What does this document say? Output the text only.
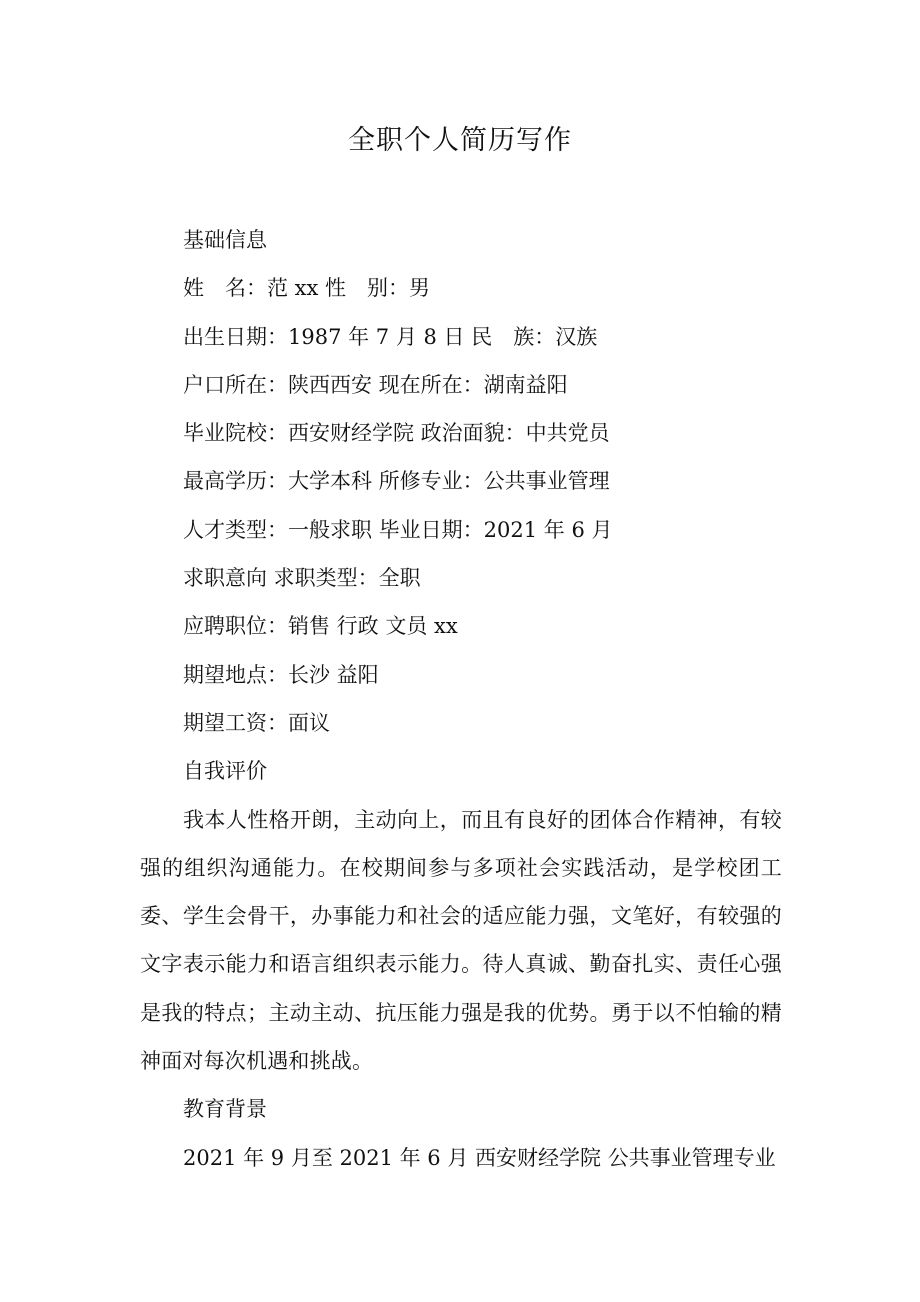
全职个人简历写作
基础信息
姓　名：范 xx 性　别：男
出生日期：1987 年 7 月 8 日 民　族：汉族
户口所在：陕西西安 现在所在：湖南益阳
毕业院校：西安财经学院 政治面貌：中共党员
最高学历：大学本科 所修专业：公共事业管理
人才类型：一般求职 毕业日期：2021 年 6 月
求职意向 求职类型：全职
应聘职位：销售 行政 文员 xx
期望地点：长沙 益阳
期望工资：面议
自我评价
我本人性格开朗，主动向上，而且有良好的团体合作精神，有较强的组织沟通能力。在校期间参与多项社会实践活动，是学校团工委、学生会骨干，办事能力和社会的适应能力强，文笔好，有较强的文字表示能力和语言组织表示能力。待人真诚、勤奋扎实、责任心强是我的特点；主动主动、抗压能力强是我的优势。勇于以不怕输的精神面对每次机遇和挑战。
教育背景
2021 年 9 月至 2021 年 6 月 西安财经学院 公共事业管理专业
